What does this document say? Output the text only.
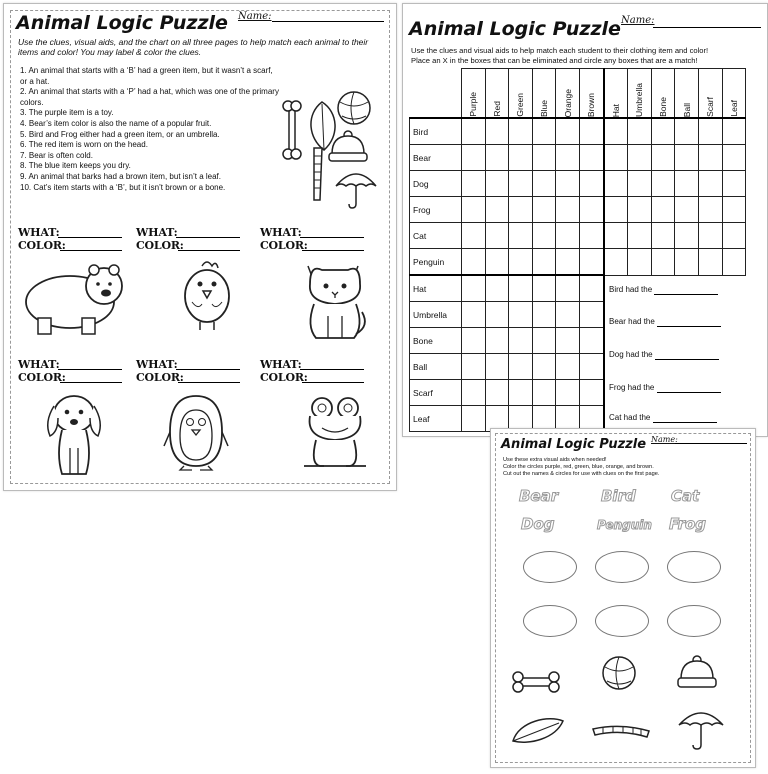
Animal Logic Puzzle Name:
Use the clues, visual aids, and the chart on all three pages to help match each animal to their items and color! You may label & color the clues.
1. An animal that starts with a ‘B’ had a green item, but it wasn’t a scarf, or a hat.
2. An animal that starts with a ‘P’ had a hat, which was one of the primary colors.
3. The purple item is a toy.
4. Bear’s item color is also the name of a popular fruit.
5. Bird and Frog either had a green item, or an umbrella.
6. The red item is worn on the head.
7. Bear is often cold.
8. The blue item keeps you dry.
9. An animal that barks had a brown item, but isn’t a leaf.
10. Cat’s item starts with a ‘B’, but it isn’t brown or a bone.
WHAT:
COLOR:
WHAT:
COLOR:
WHAT:
COLOR:
WHAT:
COLOR:
WHAT:
COLOR:
WHAT:
COLOR:
Animal Logic Puzzle Name:
Use the clues and visual aids to help match each student to their clothing item and color!
Place an X in the boxes that can be eliminated and circle any boxes that are a match!

	Purple	Red	Green	Blue	Orange	Brown	Hat	Umbrella	Bone	Ball	Scarf	Leaf

Bird												
Bear												
Dog												
Frog												
Cat												
Penguin												
Hat												
Umbrella												
Bone												
Ball												
Scarf												
Leaf												
Bird had the
Bear had the
Dog had the
Frog had the
Cat had the
Animal Logic Puzzle Name:
Use these extra visual aids when needed!
Color the circles purple, red, green, blue, orange, and brown.
Cut out the names & circles for use with clues on the first page.
Bear	Bird Cat
Dog	Penguin Frog
